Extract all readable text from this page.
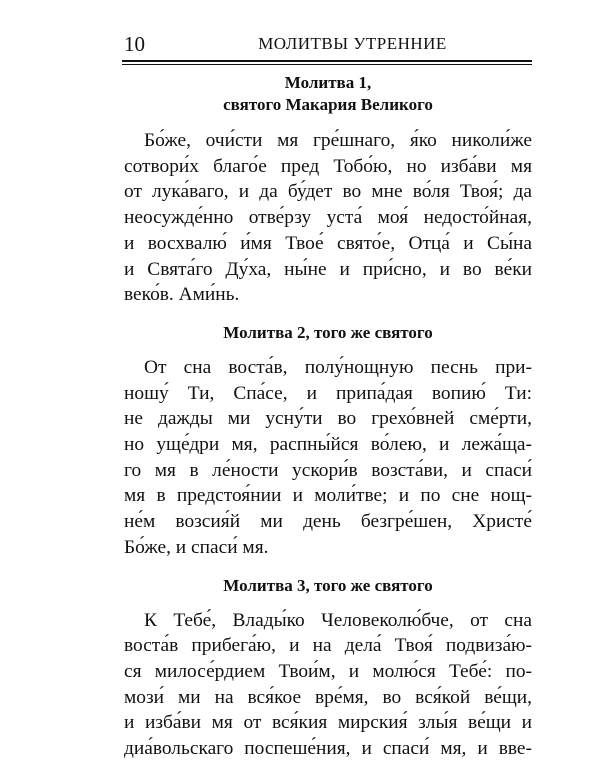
10	МОЛИТВЫ УТРЕННИЕ
Молитва 1,
святого Макария Великого
Бо́же, очи́сти мя гре́шнаго, я́ко николи́же
сотвори́х благо́е пред Тобо́ю, но изба́ви мя
от лука́ваго, и да бу́дет во мне во́ля Твоя́; да
неосужде́нно отве́рзу уста́ моя́ недосто́йная,
и восхвалю́ и́мя Твое́ свято́е, Отца́ и Сы́на
и Свята́го Ду́ха, ны́не и при́сно, и во ве́ки
веко́в. Ами́нь.
Молитва 2, того же святого
От сна воста́в, полу́нощную песнь при-
ношу́ Ти, Спа́се, и припа́дая вопию́ Ти:
не дажды ми усну́ти во грехо́вней сме́рти,
но уще́дри мя, распны́йся во́лею, и лежа́ща-
го мя в ле́ности ускори́в возста́ви, и спаси́
мя в предстоя́нии и моли́тве; и по сне нощ-
не́м возсия́й ми день безгре́шен, Христе́
Бо́же, и спаси́ мя.
Молитва 3, того же святого
К Тебе́, Влады́ко Человеколю́бче, от сна
воста́в прибега́ю, и на дела́ Твоя́ подвиза́ю-
ся милосе́рдием Твои́м, и молю́ся Тебе́: по-
мози́ ми на вся́кое вре́мя, во вся́кой ве́щи,
и изба́ви мя от вся́кия мирския́ злы́я ве́щи и
диа́вольскаго поспеше́ния, и спаси́ мя, и вве-
